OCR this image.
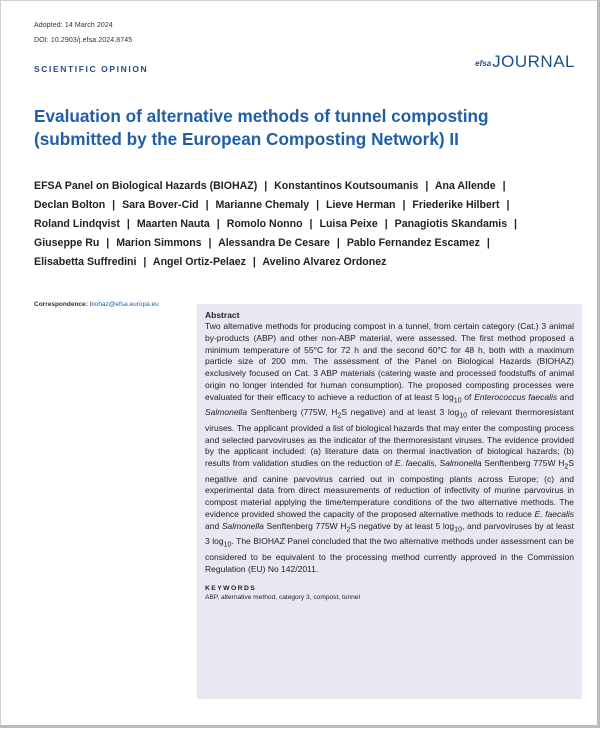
Adopted: 14 March 2024
DOI: 10.2903/j.efsa.2024.8745
efsa JOURNAL
SCIENTIFIC OPINION
Evaluation of alternative methods of tunnel composting (submitted by the European Composting Network) II
EFSA Panel on Biological Hazards (BIOHAZ) | Konstantinos Koutsoumanis | Ana Allende | Declan Bolton | Sara Bover-Cid | Marianne Chemaly | Lieve Herman | Friederike Hilbert | Roland Lindqvist | Maarten Nauta | Romolo Nonno | Luisa Peixe | Panagiotis Skandamis | Giuseppe Ru | Marion Simmons | Alessandra De Cesare | Pablo Fernandez Escamez | Elisabetta Suffredini | Angel Ortiz-Pelaez | Avelino Alvarez Ordonez
Correspondence: biohaz@efsa.europa.eu
Abstract
Two alternative methods for producing compost in a tunnel, from certain category (Cat.) 3 animal by-products (ABP) and other non-ABP material, were assessed. The first method proposed a minimum temperature of 55°C for 72 h and the second 60°C for 48 h, both with a maximum particle size of 200 mm. The assessment of the Panel on Biological Hazards (BIOHAZ) exclusively focused on Cat. 3 ABP materials (catering waste and processed foodstuffs of animal origin no longer intended for human consumption). The proposed composting processes were evaluated for their efficacy to achieve a reduction of at least 5 $\log_{10}$ of Enterococcus faecalis and Salmonella Senftenberg (775W, $H_2S$ negative) and at least 3 $\log_{10}$ of relevant thermoresistant viruses. The applicant provided a list of biological hazards that may enter the composting process and selected parvoviruses as the indicator of the thermoresistant viruses. The evidence provided by the applicant included: (a) literature data on thermal inactivation of biological hazards; (b) results from validation studies on the reduction of E. faecalis, Salmonella Senftenberg 775W $H_2S$ negative and canine parvovirus carried out in composting plants across Europe; (c) and experimental data from direct measurements of reduction of infectivity of murine parvovirus in compost material applying the time/temperature conditions of the two alternative methods. The evidence provided showed the capacity of the proposed alternative methods to reduce E. faecalis and Salmonella Senftenberg 775W $H_2S$ negative by at least 5 $\log_{10}$, and parvoviruses by at least 3 $\log_{10}$. The BIOHAZ Panel concluded that the two alternative methods under assessment can be considered to be equivalent to the processing method currently approved in the Commission Regulation (EU) No 142/2011.
KEYWORDS
ABP, alternative method, category 3, compost, tunnel
